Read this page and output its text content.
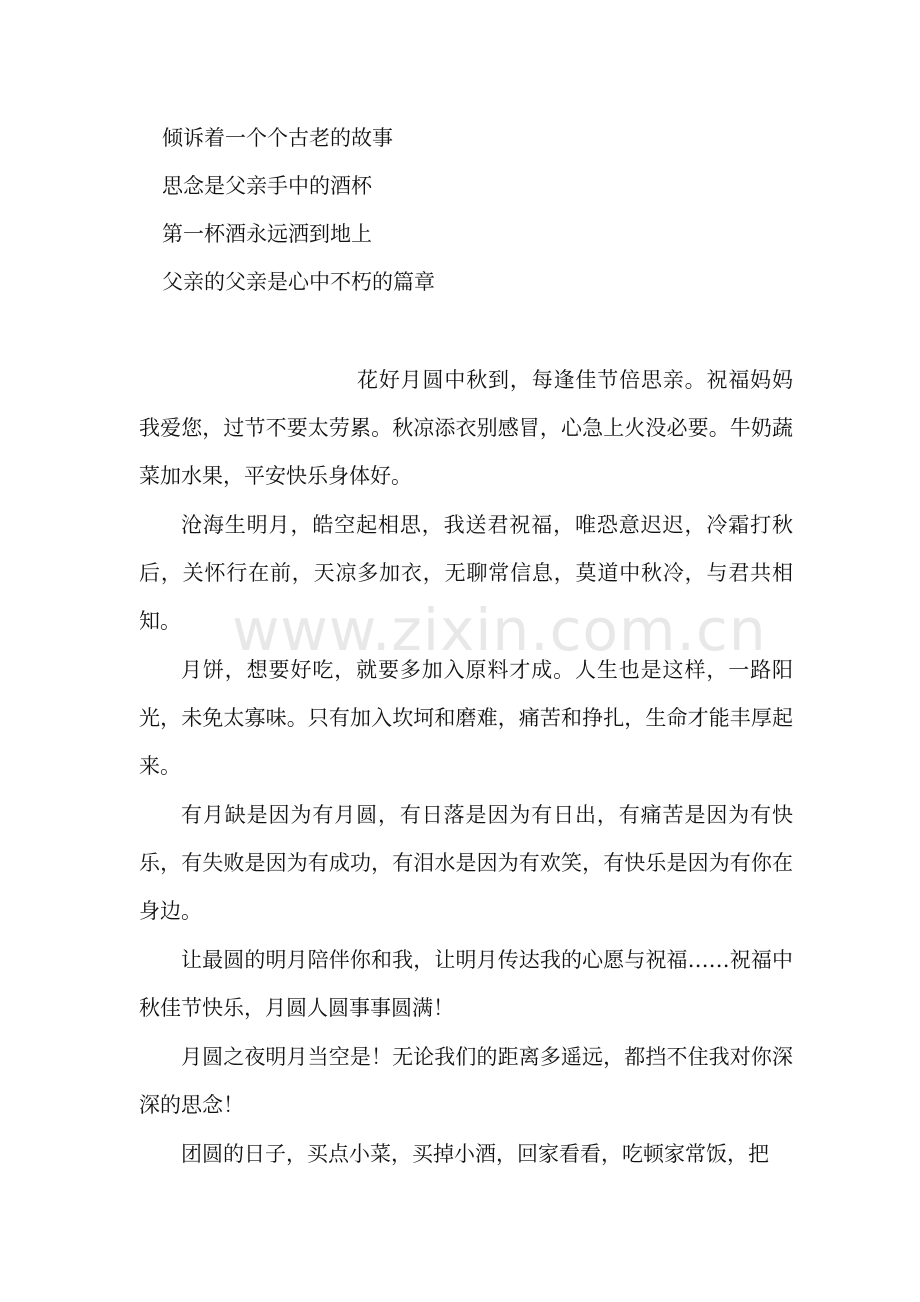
倾诉着一个个古老的故事
思念是父亲手中的酒杯
第一杯酒永远洒到地上
父亲的父亲是心中不朽的篇章

花好月圆中秋到，每逢佳节倍思亲。祝福妈妈我爱您，过节不要太劳累。秋凉添衣别感冒，心急上火没必要。牛奶蔬菜加水果，平安快乐身体好。

沧海生明月，皓空起相思，我送君祝福，唯恐意迟迟，冷霜打秋后，关怀行在前，天凉多加衣，无聊常信息，莫道中秋冷，与君共相知。

月饼，想要好吃，就要多加入原料才成。人生也是这样，一路阳光，未免太寡味。只有加入坎坷和磨难，痛苦和挣扎，生命才能丰厚起来。

有月缺是因为有月圆，有日落是因为有日出，有痛苦是因为有快乐，有失败是因为有成功，有泪水是因为有欢笑，有快乐是因为有你在身边。

让最圆的明月陪伴你和我，让明月传达我的心愿与祝福……祝福中秋佳节快乐，月圆人圆事事圆满！

月圆之夜明月当空是！无论我们的距离多遥远，都挡不住我对你深深的思念！

团圆的日子，买点小菜，买掉小酒，回家看看，吃顿家常饭，把

www.zixin.com.cn
